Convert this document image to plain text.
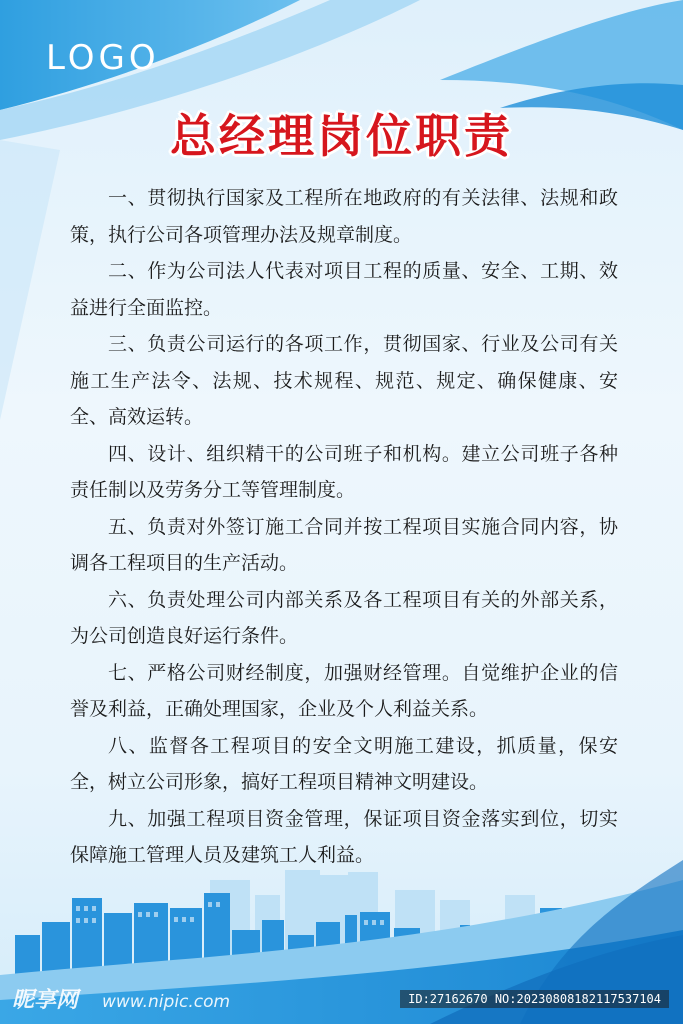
LOGO
总经理岗位职责

一、贯彻执行国家及工程所在地政府的有关法律、法规和政策，执行公司各项管理办法及规章制度。

二、作为公司法人代表对项目工程的质量、安全、工期、效益进行全面监控。

三、负责公司运行的各项工作，贯彻国家、行业及公司有关施工生产法令、法规、技术规程、规范、规定、确保健康、安全、高效运转。

四、设计、组织精干的公司班子和机构。建立公司班子各种责任制以及劳务分工等管理制度。

五、负责对外签订施工合同并按工程项目实施合同内容，协调各工程项目的生产活动。

六、负责处理公司内部关系及各工程项目有关的外部关系，为公司创造良好运行条件。

七、严格公司财经制度，加强财经管理。自觉维护企业的信誉及利益，正确处理国家，企业及个人利益关系。

八、监督各工程项目的安全文明施工建设，抓质量，保安全，树立公司形象，搞好工程项目精神文明建设。

九、加强工程项目资金管理，保证项目资金落实到位，切实保障施工管理人员及建筑工人利益。

昵享网 www.nipic.com	ID:27162670 NO:20230808182117537104
